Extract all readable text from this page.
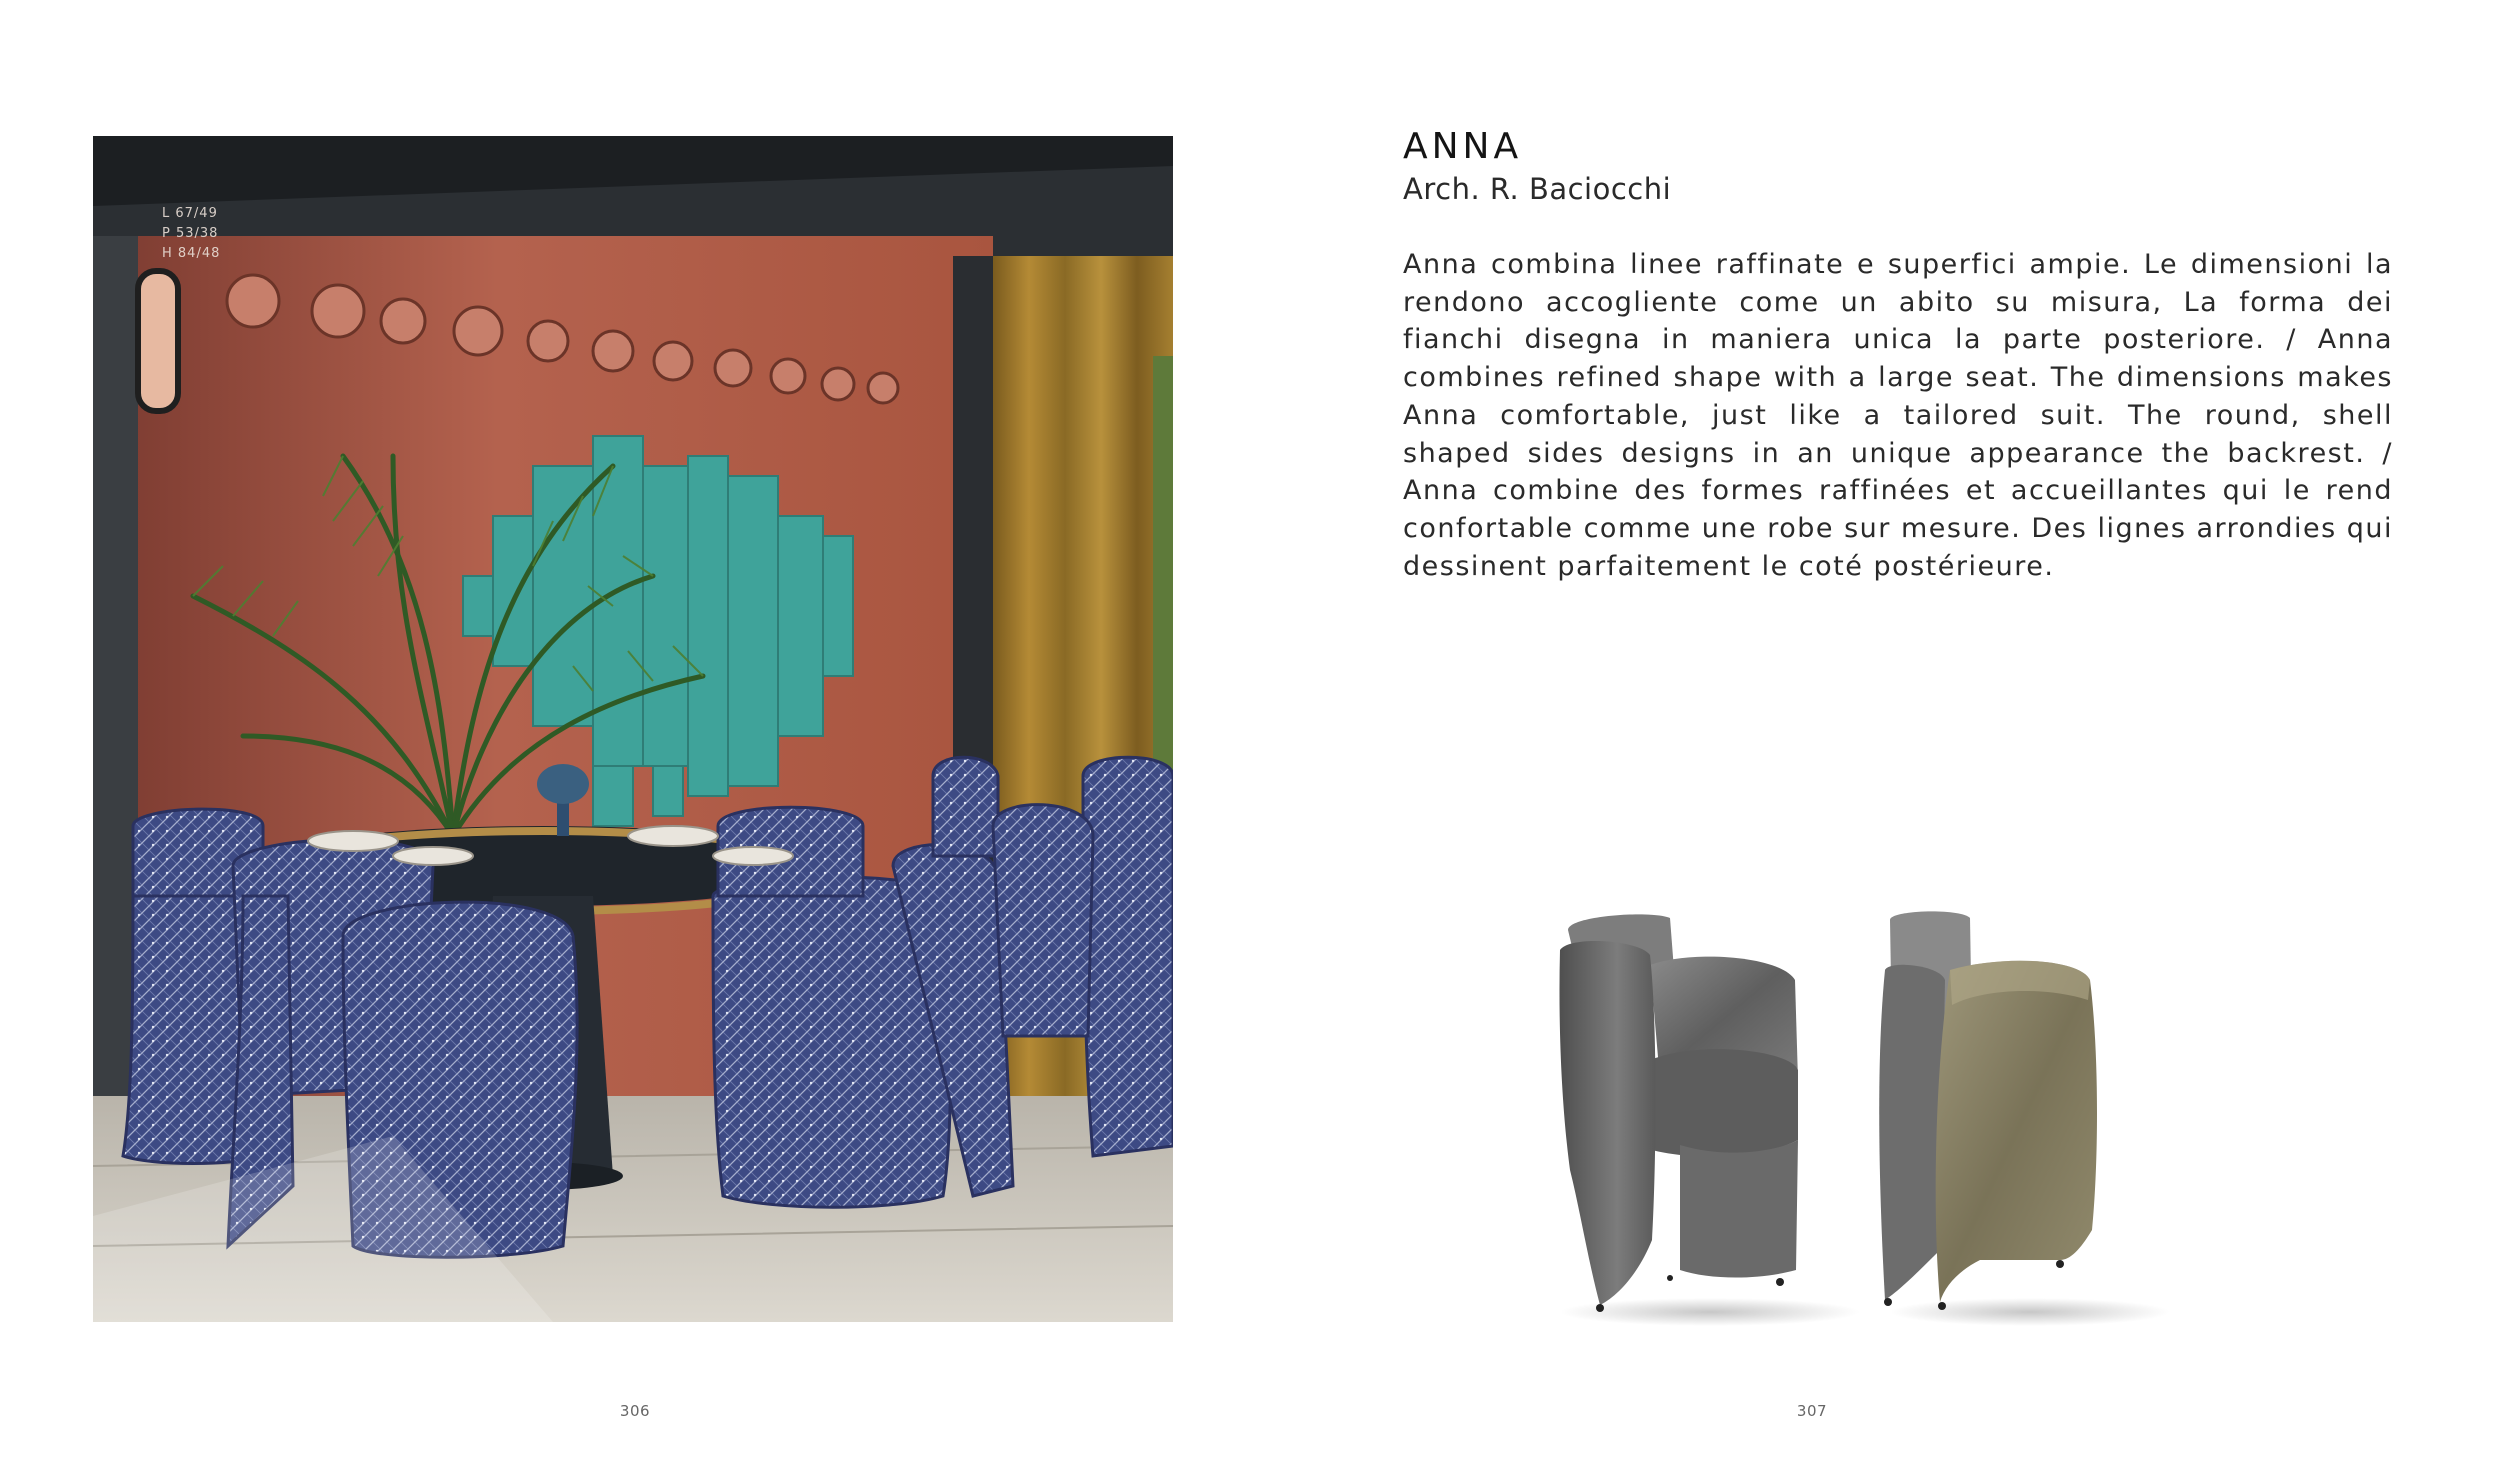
L 67/49
P 53/38
H 84/48
306
ANNA

Arch. R. Baciocchi

Anna combina linee raffinate e superfici ampie. Le dimensioni la rendono accogliente come un abito su misura, La forma dei fianchi disegna in maniera unica la parte posteriore. / Anna combines refined shape with a large seat. The dimensions makes Anna comfortable, just like a tailored suit. The round, shell shaped sides designs in an unique appearance the backrest. / Anna combine des formes raffinées et accueillantes qui le rend confortable comme une robe sur mesure. Des lignes arrondies qui dessinent parfaitement le coté postérieure.

307
